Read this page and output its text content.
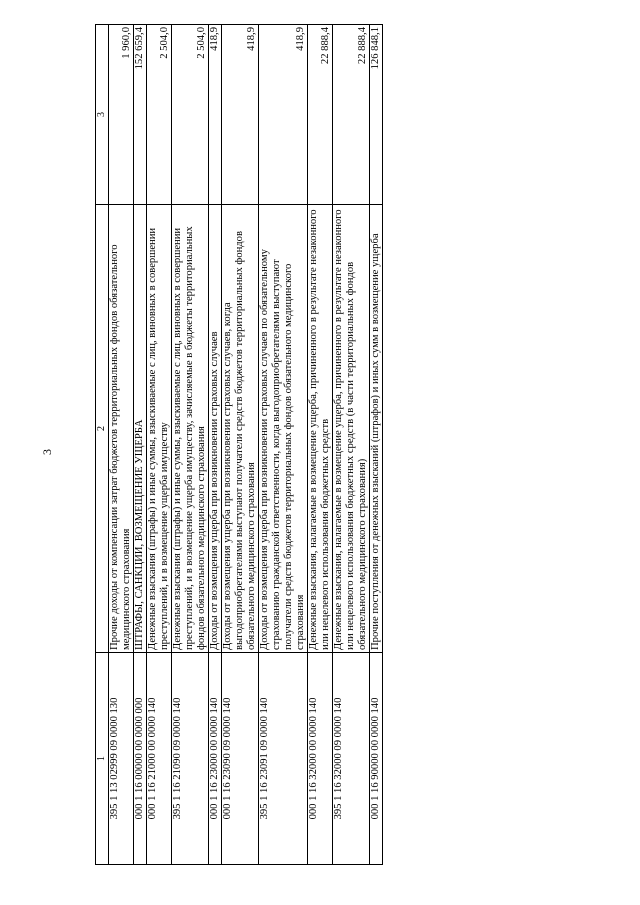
3
1	2	3
395 1 13 02999 09 0000 130	Прочие доходы от компенсации затрат бюджетов территориальных фондов обязательного медицинского страхования	1 960,0
000 1 16 00000 00 0000 000	ШТРАФЫ, САНКЦИИ, ВОЗМЕЩЕНИЕ УЩЕРБА	152 659,4
000 1 16 21000 00 0000 140	Денежные взыскания (штрафы) и иные суммы, взыскиваемые с лиц, виновных в совершении преступлений, и в возмещение ущерба имуществу	2 504,0
395 1 16 21090 09 0000 140	Денежные взыскания (штрафы) и иные суммы, взыскиваемые с лиц, виновных в совершении преступлений, и в возмещение ущерба имуществу, зачисляемые в бюджеты территориальных фондов обязательного медицинского страхования	2 504,0
000 1 16 23000 00 0000 140	Доходы от возмещения ущерба при возникновении страховых случаев	418,9
000 1 16 23090 09 0000 140	Доходы от возмещения ущерба при возникновении страховых случаев, когда выгодоприобретателями выступают получатели средств бюджетов территориальных фондов обязательного медицинского страхования	418,9
395 1 16 23091 09 0000 140	Доходы от возмещения ущерба при возникновении страховых случаев по обязательному страхованию гражданской ответственности, когда выгодоприобретателями выступают получатели средств бюджетов территориальных фондов обязательного медицинского страхования	418,9
000 1 16 32000 00 0000 140	Денежные взыскания, налагаемые в возмещение ущерба, причиненного в результате незаконного или нецелевого использования бюджетных средств	22 888,4
395 1 16 32000 09 0000 140	Денежные взыскания, налагаемые в возмещение ущерба, причиненного в результате незаконного или нецелевого использования бюджетных средств (в части территориальных фондов обязательного медицинского страхования)	22 888,4
000 1 16 90000 00 0000 140	Прочие поступления от денежных взысканий (штрафов) и иных сумм в возмещение ущерба	126 848,1
